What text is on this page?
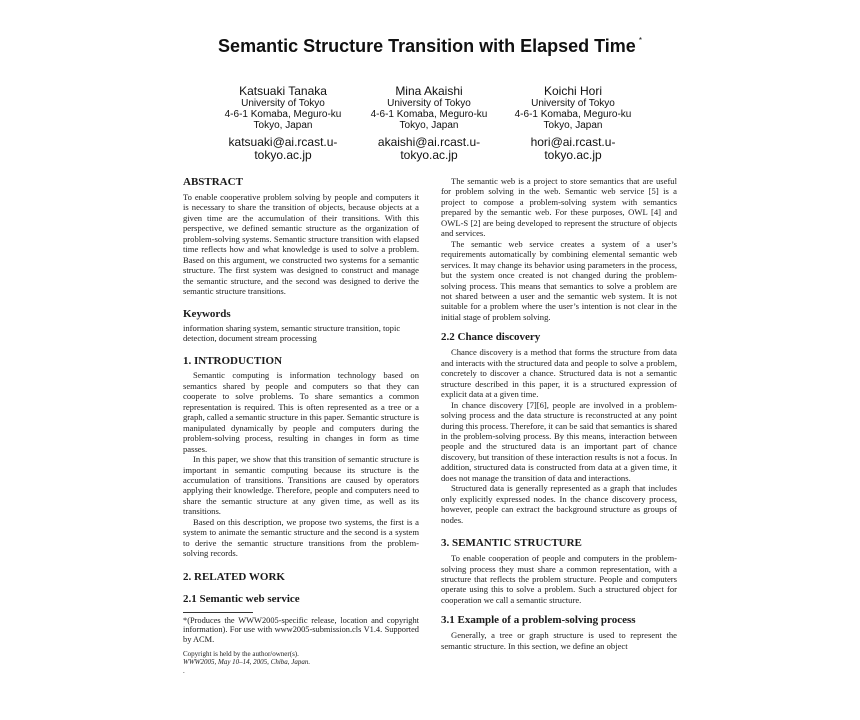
Semantic Structure Transition with Elapsed Time *
Katsuaki Tanaka
University of Tokyo
4-6-1 Komaba, Meguro-ku
Tokyo, Japan
katsuaki@ai.rcast.u-
tokyo.ac.jp
Mina Akaishi
University of Tokyo
4-6-1 Komaba, Meguro-ku
Tokyo, Japan
akaishi@ai.rcast.u-
tokyo.ac.jp
Koichi Hori
University of Tokyo
4-6-1 Komaba, Meguro-ku
Tokyo, Japan
hori@ai.rcast.u-
tokyo.ac.jp
ABSTRACT

To enable cooperative problem solving by people and computers it is necessary to share the transition of objects, because objects at a given time are the accumulation of their transitions. With this perspective, we defined semantic structure as the organization of problem-solving systems. Semantic structure transition with elapsed time reflects how and what knowledge is used to solve a problem. Based on this argument, we constructed two systems for a semantic structure. The first system was designed to construct and manage the semantic structure, and the second was designed to derive the semantic structure transitions.

Keywords

information sharing system, semantic structure transition, topic detection, document stream processing

1. INTRODUCTION

Semantic computing is information technology based on semantics shared by people and computers so that they can cooperate to solve problems. To share semantics a common representation is required. This is often represented as a tree or a graph, called a semantic structure in this paper. Semantic structure is manipulated dynamically by people and computers during the problem-solving process, resulting in changes in form as time passes.

In this paper, we show that this transition of semantic structure is important in semantic computing because its structure is the accumulation of transitions. Transitions are caused by operators applying their knowledge. Therefore, people and computers need to share the semantic structure at any given time, as well as its transitions.

Based on this description, we propose two systems, the first is a system to animate the semantic structure and the second is a system to derive the semantic structure transitions from the problem-solving records.

2. RELATED WORK
2.1 Semantic web service

*(Produces the WWW2005-specific release, location and copyright information). For use with www2005-submission.cls V1.4. Supported by ACM.

Copyright is held by the author/owner(s).

WWW2005, May 10–14, 2005, Chiba, Japan.

.

The semantic web is a project to store semantics that are useful for problem solving in the web. Semantic web service [5] is a project to compose a problem-solving system with semantics prepared by the semantic web. For these purposes, OWL [4] and OWL-S [2] are being developed to represent the structure of objects and services.

The semantic web service creates a system of a user’s requirements automatically by combining elemental semantic web services. It may change its behavior using parameters in the process, but the system once created is not changed during the problem-solving process. This means that semantics to solve a problem are not shared between a user and the semantic web system. It is not suitable for a problem where the user’s intention is not clear in the initial stage of problem solving.

2.2 Chance discovery

Chance discovery is a method that forms the structure from data and interacts with the structured data and people to solve a problem, concretely to discover a chance. Structured data is not a semantic structure described in this paper, it is a structured expression of explicit data at a given time.

In chance discovery [7][6], people are involved in a problem-solving process and the data structure is reconstructed at any point during this process. Therefore, it can be said that semantics is shared in the problem-solving process. By this means, interaction between people and the structured data is an important part of chance discovery, but transition of these interaction results is not a focus. In addition, structured data is constructed from data at a given time, it does not manage the transition of data and interactions.

Structured data is generally represented as a graph that includes only explicitly expressed nodes. In the chance discovery process, however, people can extract the background structure as groups of nodes.

3. SEMANTIC STRUCTURE

To enable cooperation of people and computers in the problem-solving process they must share a common representation, with a structure that reflects the problem structure. People and computers operate using this to solve a problem. Such a structured object for cooperation we call a semantic structure.

3.1 Example of a problem-solving process

Generally, a tree or graph structure is used to represent the semantic structure. In this section, we define an object
